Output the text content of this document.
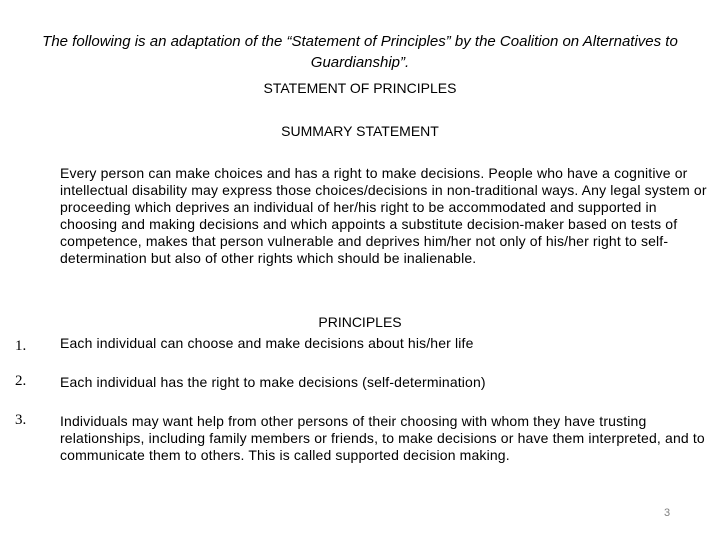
The following is an adaptation of the “Statement of Principles” by the Coalition on Alternatives to Guardianship”.
STATEMENT OF PRINCIPLES
SUMMARY STATEMENT
Every person can make choices and has a right to make decisions. People who have a cognitive or intellectual disability may express those choices/decisions in non-traditional ways. Any legal system or proceeding which deprives an individual of her/his right to be accommodated and supported in choosing and making decisions and which appoints a substitute decision-maker based on tests of competence, makes that person vulnerable and deprives him/her not only of his/her right to self-determination but also of other rights which should be inalienable.
PRINCIPLES
1. Each individual can choose and make decisions about his/her life
2. Each individual has the right to make decisions (self-determination)
3. Individuals may want help from other persons of their choosing with whom they have trusting relationships, including family members or friends, to make decisions or have them interpreted, and to communicate them to others. This is called supported decision making.
3
